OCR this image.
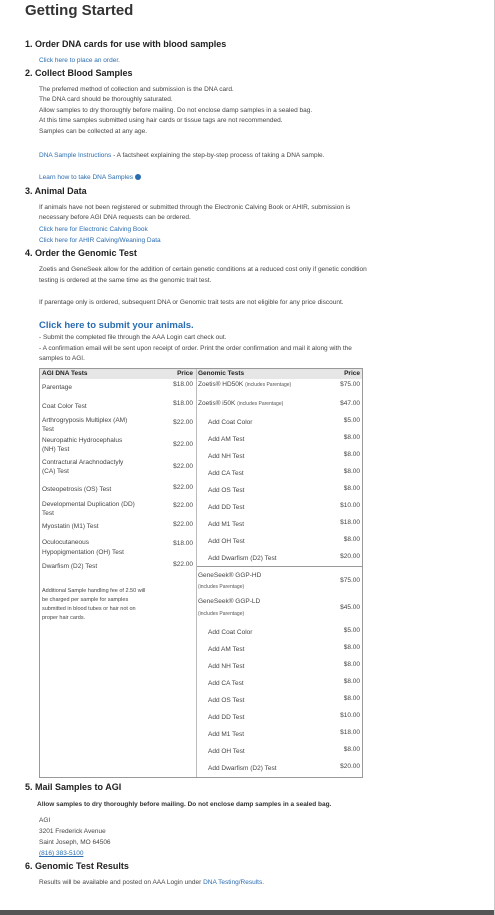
Getting Started
1. Order DNA cards for use with blood samples
Click here to place an order.
2. Collect Blood Samples
The preferred method of collection and submission is the DNA card.
The DNA card should be thoroughly saturated.
Allow samples to dry thoroughly before mailing. Do not enclose damp samples in a sealed bag.
At this time samples submitted using hair cards or tissue tags are not recommended.
Samples can be collected at any age.
DNA Sample Instructions - A factsheet explaining the step-by-step process of taking a DNA sample.
Learn how to take DNA Samples
3. Animal Data
If animals have not been registered or submitted through the Electronic Calving Book or AHIR, submission is
necessary before AGI DNA requests can be ordered.
Click here for Electronic Calving Book
Click here for AHIR Calving/Weaning Data
4. Order the Genomic Test
Zoetis and GeneSeek allow for the addition of certain genetic conditions at a reduced cost only if genetic condition
testing is ordered at the same time as the genomic trait test.
If parentage only is ordered, subsequent DNA or Genomic trait tests are not eligible for any price discount.
Click here to submit your animals.
- Submit the completed file through the AAA Login cart check out.
- A confirmation email will be sent upon receipt of order. Print the order confirmation and mail it along with the
samples to AGI.
AGI DNA Tests	Price Genomic Tests	Price
Parentage	$18.00
Coat Color Test	$18.00
Arthrogryposis Multiplex (AM)
Test
$22.00
Neuropathic Hydrocephalus
(NH) Test
$22.00
Contractural Arachnodactyly
(CA) Test
$22.00
Osteopetrosis (OS) Test	$22.00
Developmental Duplication (DD)
Test
$22.00
Myostatin (M1) Test	$22.00
Oculocutaneous
Hypopigmentation (OH) Test
$18.00
Dwarfism (D2) Test	$22.00
Additional Sample handling fee of 2.50 will
be charged per sample for samples
submitted in blood tubes or hair not on
proper hair cards.
Zoetis® HD50K (includes Parentage)	$75.00
Zoetis® i50K (includes Parentage)	$47.00
Add Coat Color	$5.00
Add AM Test	$8.00
Add NH Test	$8.00
Add CA Test	$8.00
Add OS Test	$8.00
Add DD Test	$10.00
Add M1 Test	$18.00
Add OH Test	$8.00
Add Dwarfism (D2) Test	$20.00
GeneSeek® GGP-HD
(includes Parentage)
$75.00
GeneSeek® GGP-LD
(includes Parentage)
$45.00
Add Coat Color	$5.00
Add AM Test	$8.00
Add NH Test	$8.00
Add CA Test	$8.00
Add OS Test	$8.00
Add DD Test	$10.00
Add M1 Test	$18.00
Add OH Test	$8.00
Add Dwarfism (D2) Test	$20.00
5. Mail Samples to AGI
Allow samples to dry thoroughly before mailing. Do not enclose damp samples in a sealed bag.
AGI
3201 Frederick Avenue
Saint Joseph, MO 64506
(816) 383-5100
6. Genomic Test Results
Results will be available and posted on AAA Login under DNA Testing/Results.
